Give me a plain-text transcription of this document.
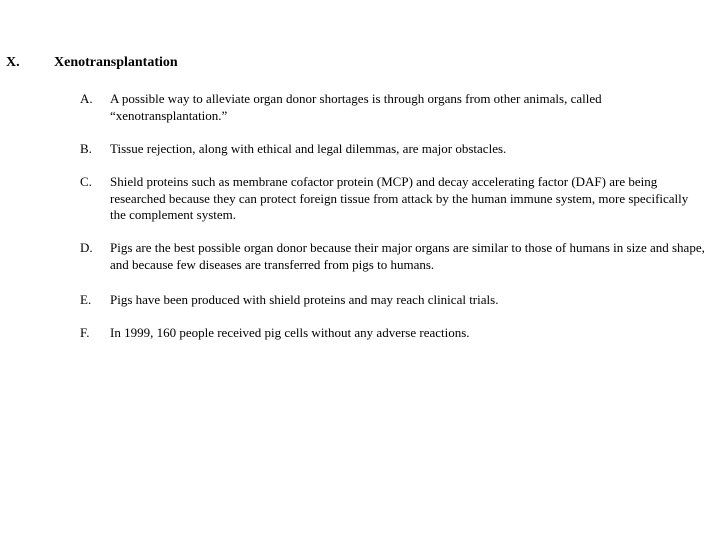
X. Xenotransplantation
A. A possible way to alleviate organ donor shortages is through organs from other animals, called “xenotransplantation.”
B. Tissue rejection, along with ethical and legal dilemmas, are major obstacles.
C. Shield proteins such as membrane cofactor protein (MCP) and decay accelerating factor (DAF) are being researched because they can protect foreign tissue from attack by the human immune system, more specifically the complement system.
D. Pigs are the best possible organ donor because their major organs are similar to those of humans in size and shape, and because few diseases are transferred from pigs to humans.
E. Pigs have been produced with shield proteins and may reach clinical trials.
F. In 1999, 160 people received pig cells without any adverse reactions.
